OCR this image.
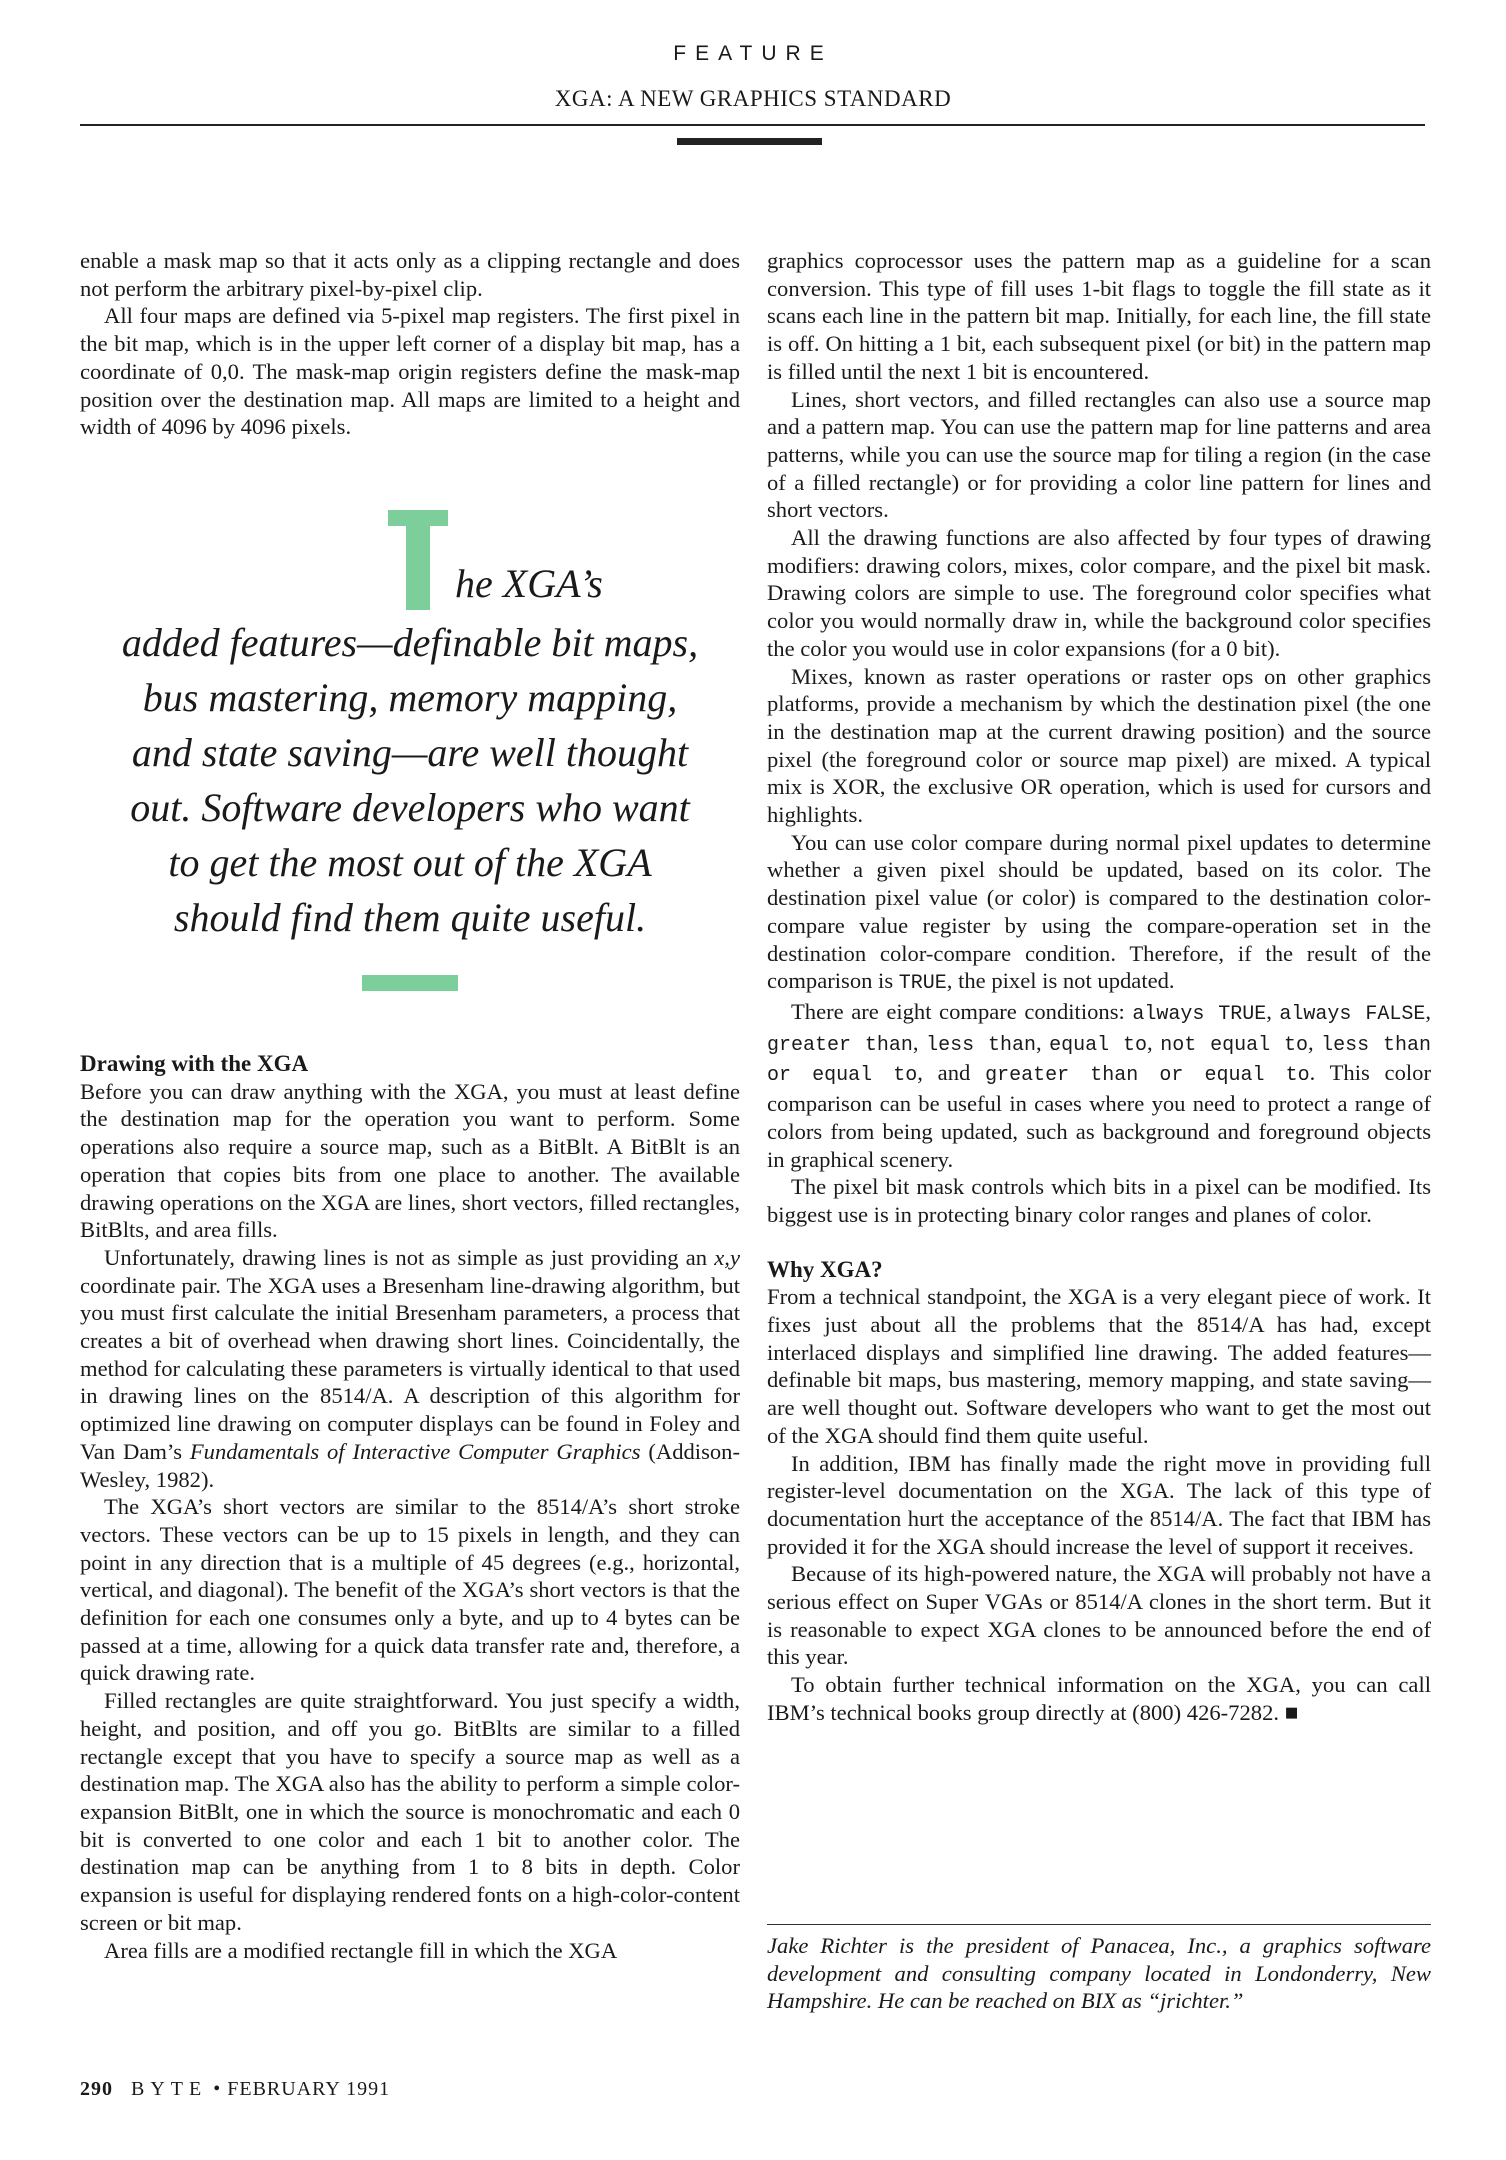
FEATURE
XGA: A NEW GRAPHICS STANDARD

enable a mask map so that it acts only as a clipping rectangle and does not perform the arbitrary pixel-by-pixel clip.

All four maps are defined via 5-pixel map registers. The first pixel in the bit map, which is in the upper left corner of a display bit map, has a coordinate of 0,0. The mask-map origin registers define the mask-map position over the destination map. All maps are limited to a height and width of 4096 by 4096 pixels.

he XGA’s
added features—definable bit maps,
bus mastering, memory mapping,
and state saving—are well thought
out. Software developers who want
to get the most out of the XGA
should find them quite useful.
Drawing with the XGA

Before you can draw anything with the XGA, you must at least define the destination map for the operation you want to perform. Some operations also require a source map, such as a BitBlt. A BitBlt is an operation that copies bits from one place to another. The available drawing operations on the XGA are lines, short vectors, filled rectangles, BitBlts, and area fills.

Unfortunately, drawing lines is not as simple as just providing an x,y coordinate pair. The XGA uses a Bresenham line-drawing algorithm, but you must first calculate the initial Bresenham parameters, a process that creates a bit of overhead when drawing short lines. Coincidentally, the method for calculating these parameters is virtually identical to that used in drawing lines on the 8514/A. A description of this algorithm for optimized line drawing on computer displays can be found in Foley and Van Dam’s Fundamentals of Interactive Computer Graphics (Addison-Wesley, 1982).

The XGA’s short vectors are similar to the 8514/A’s short stroke vectors. These vectors can be up to 15 pixels in length, and they can point in any direction that is a multiple of 45 degrees (e.g., horizontal, vertical, and diagonal). The benefit of the XGA’s short vectors is that the definition for each one consumes only a byte, and up to 4 bytes can be passed at a time, allowing for a quick data transfer rate and, therefore, a quick drawing rate.

Filled rectangles are quite straightforward. You just specify a width, height, and position, and off you go. BitBlts are similar to a filled rectangle except that you have to specify a source map as well as a destination map. The XGA also has the ability to perform a simple color-expansion BitBlt, one in which the source is monochromatic and each 0 bit is converted to one color and each 1 bit to another color. The destination map can be anything from 1 to 8 bits in depth. Color expansion is useful for displaying rendered fonts on a high-color-content screen or bit map.

Area fills are a modified rectangle fill in which the XGA

graphics coprocessor uses the pattern map as a guideline for a scan conversion. This type of fill uses 1-bit flags to toggle the fill state as it scans each line in the pattern bit map. Initially, for each line, the fill state is off. On hitting a 1 bit, each subsequent pixel (or bit) in the pattern map is filled until the next 1 bit is encountered.

Lines, short vectors, and filled rectangles can also use a source map and a pattern map. You can use the pattern map for line patterns and area patterns, while you can use the source map for tiling a region (in the case of a filled rectangle) or for providing a color line pattern for lines and short vectors.

All the drawing functions are also affected by four types of drawing modifiers: drawing colors, mixes, color compare, and the pixel bit mask. Drawing colors are simple to use. The foreground color specifies what color you would normally draw in, while the background color specifies the color you would use in color expansions (for a 0 bit).

Mixes, known as raster operations or raster ops on other graphics platforms, provide a mechanism by which the destination pixel (the one in the destination map at the current drawing position) and the source pixel (the foreground color or source map pixel) are mixed. A typical mix is XOR, the exclusive OR operation, which is used for cursors and highlights.

You can use color compare during normal pixel updates to determine whether a given pixel should be updated, based on its color. The destination pixel value (or color) is compared to the destination color-compare value register by using the compare-operation set in the destination color-compare condition. Therefore, if the result of the comparison is TRUE, the pixel is not updated.

There are eight compare conditions: always TRUE, always FALSE, greater than, less than, equal to, not equal to, less than or equal to, and greater than or equal to. This color comparison can be useful in cases where you need to protect a range of colors from being updated, such as background and foreground objects in graphical scenery.

The pixel bit mask controls which bits in a pixel can be modified. Its biggest use is in protecting binary color ranges and planes of color.

Why XGA?

From a technical standpoint, the XGA is a very elegant piece of work. It fixes just about all the problems that the 8514/A has had, except interlaced displays and simplified line drawing. The added features—definable bit maps, bus mastering, memory mapping, and state saving—are well thought out. Software developers who want to get the most out of the XGA should find them quite useful.

In addition, IBM has finally made the right move in providing full register-level documentation on the XGA. The lack of this type of documentation hurt the acceptance of the 8514/A. The fact that IBM has provided it for the XGA should increase the level of support it receives.

Because of its high-powered nature, the XGA will probably not have a serious effect on Super VGAs or 8514/A clones in the short term. But it is reasonable to expect XGA clones to be announced before the end of this year.

To obtain further technical information on the XGA, you can call IBM’s technical books group directly at (800) 426-7282. ■

Jake Richter is the president of Panacea, Inc., a graphics software development and consulting company located in Londonderry, New Hampshire. He can be reached on BIX as “jrichter.”
290 BYTE • FEBRUARY 1991
